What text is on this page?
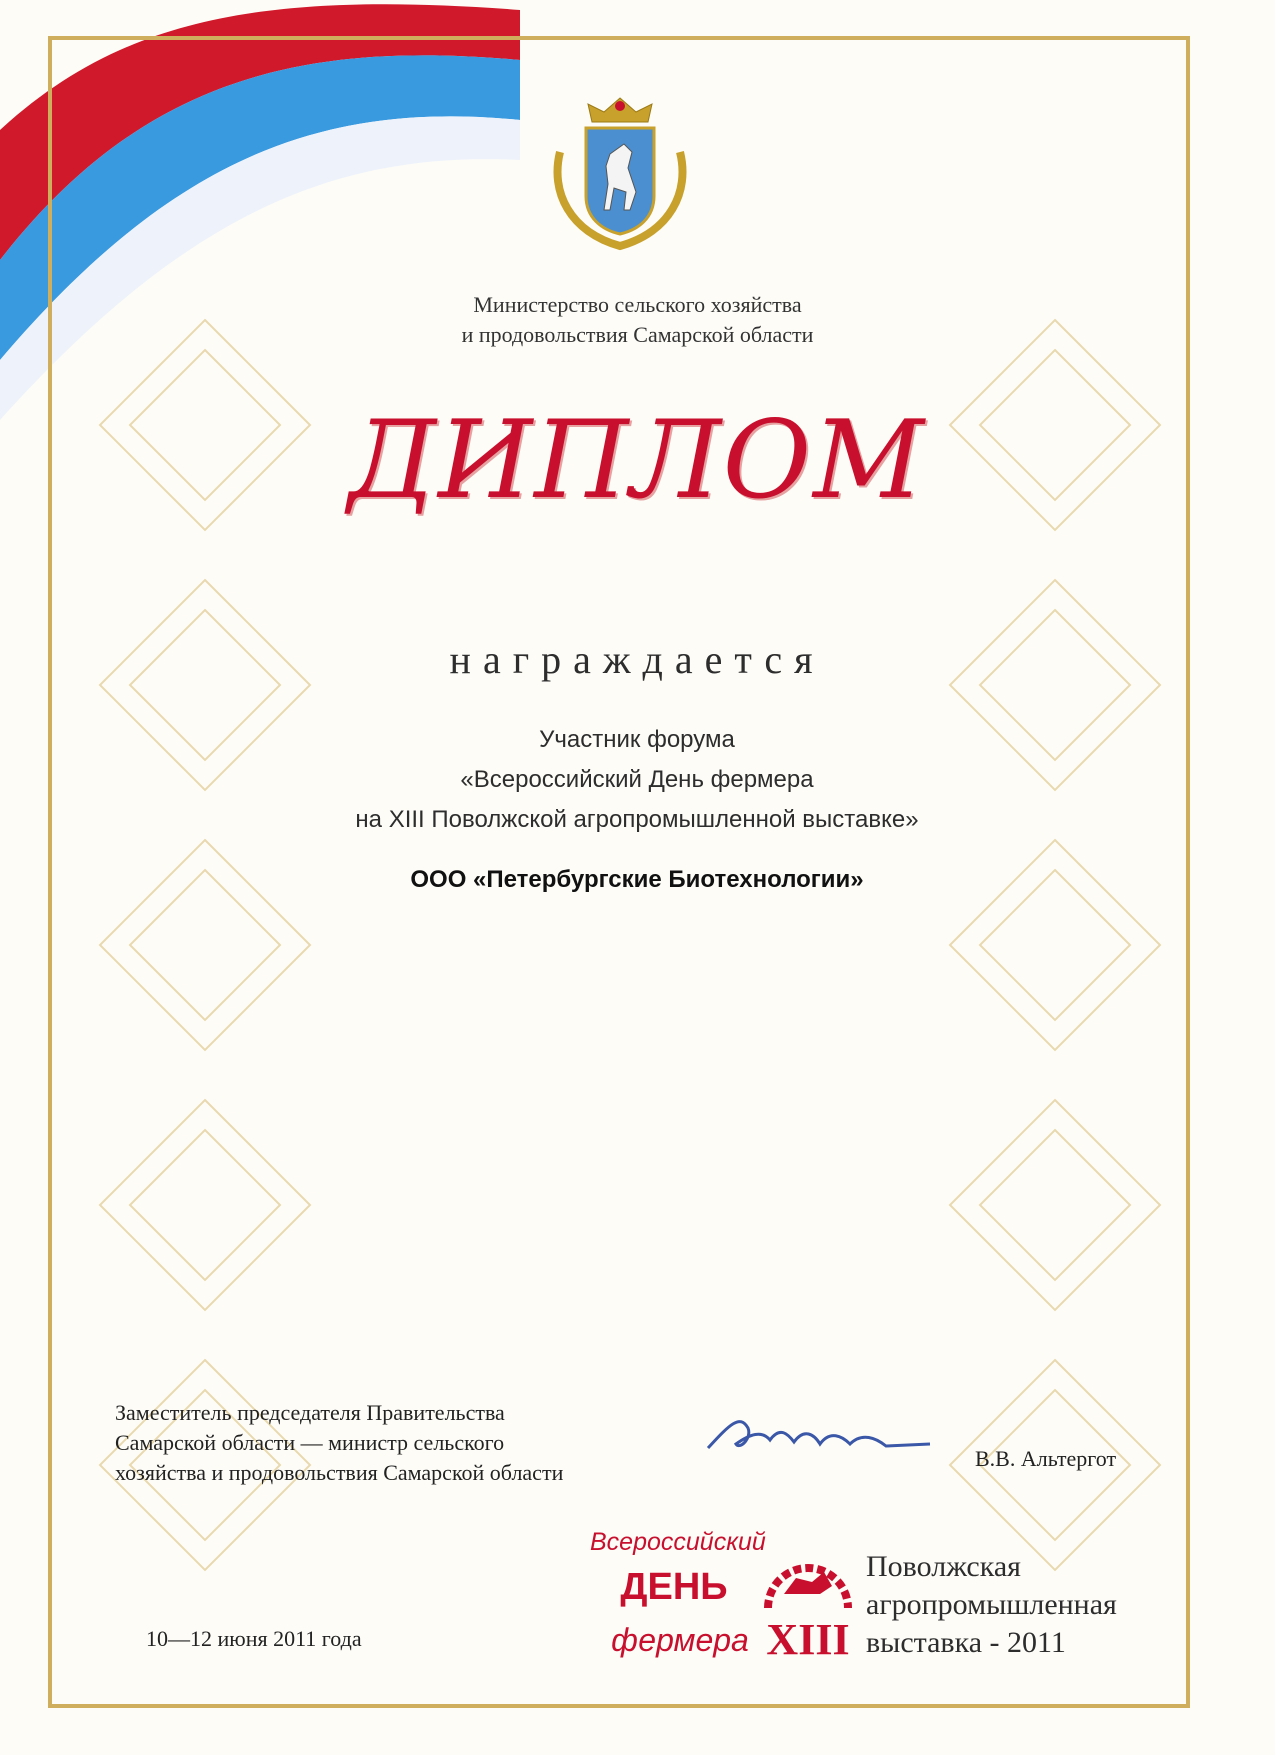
Министерство сельского хозяйства
и продовольствия Самарской области
ДИПЛОМ
награждается
Участник форума
«Всероссийский День фермера
на XIII Поволжской агропромышленной выставке»
ООО «Петербургские Биотехнологии»
Заместитель председателя Правительства
Самарской области — министр сельского
хозяйства и продовольствия Самарской области
В.В. Альтергот
10—12 июня 2011 года
Всероссийский
ДЕНЬ
фермера XIII
Поволжская
агропромышленная
выставка - 2011
